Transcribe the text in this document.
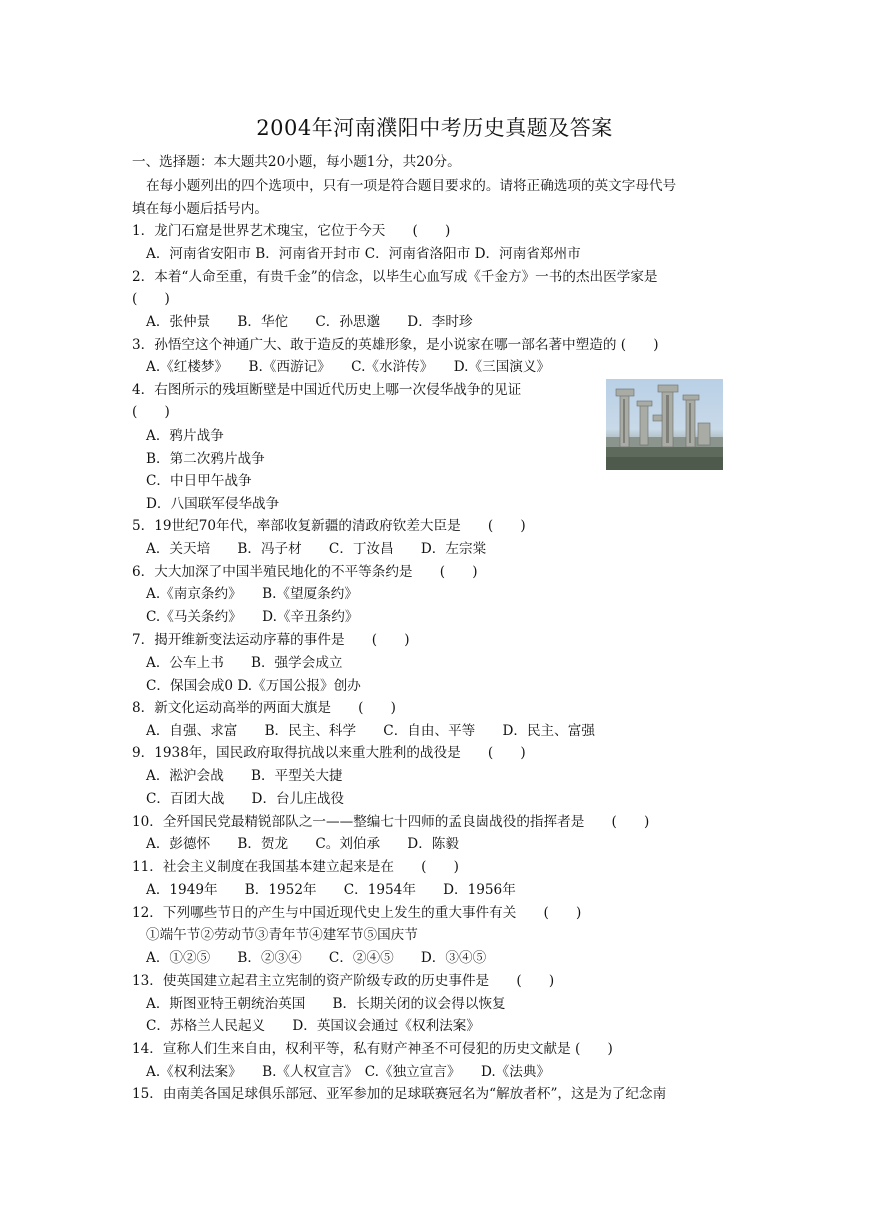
2004年河南濮阳中考历史真题及答案
一、选择题：本大题共20小题，每小题1分，共20分。
在每小题列出的四个选项中，只有一项是符合题目要求的。请将正确选项的英文字母代号
填在每小题后括号内。
1．龙门石窟是世界艺术瑰宝，它位于今天　　(　　)
A．河南省安阳市 B．河南省开封市 C．河南省洛阳市 D．河南省郑州市
2．本着“人命至重，有贵千金”的信念，以毕生心血写成《千金方》一书的杰出医学家是
(　　)
A．张仲景　　B．华佗　　C．孙思邈　　D．李时珍
3．孙悟空这个神通广大、敢于造反的英雄形象，是小说家在哪一部名著中塑造的 (　　)
A.《红楼梦》　　B.《西游记》　　C.《水浒传》　　D.《三国演义》
4．右图所示的残垣断壁是中国近代历史上哪一次侵华战争的见证
(　　)
A．鸦片战争
B．第二次鸦片战争
C．中日甲午战争
D．八国联军侵华战争
5．19世纪70年代，率部收复新疆的清政府钦差大臣是　　(　　)
A．关天培　　B．冯子材　　C．丁汝昌　　D．左宗棠
6．大大加深了中国半殖民地化的不平等条约是　　(　　)
A.《南京条约》　　B.《望厦条约》
C.《马关条约》　　D.《辛丑条约》
7．揭开维新变法运动序幕的事件是　　(　　)
A．公车上书　　B．强学会成立
C．保国会成0 D.《万国公报》创办
8．新文化运动高举的两面大旗是　　(　　)
A．自强、求富　　B．民主、科学　　C．自由、平等　　D．民主、富强
9．1938年，国民政府取得抗战以来重大胜利的战役是　　(　　)
A．淞沪会战　　B．平型关大捷
C．百团大战　　D．台儿庄战役
10．全歼国民党最精锐部队之一——整编七十四师的孟良崮战役的指挥者是　　(　　)
A．彭德怀　　B．贺龙　　C。刘伯承　　D．陈毅
11．社会主义制度在我国基本建立起来是在　　(　　)
A．1949年　　B．1952年　　C．1954年　　D．1956年
12．下列哪些节日的产生与中国近现代史上发生的重大事件有关　　(　　)
①端午节②劳动节③青年节④建军节⑤国庆节
A．①②⑤　　B．②③④　　C．②④⑤　　D．③④⑤
13．使英国建立起君主立宪制的资产阶级专政的历史事件是　　(　　)
A．斯图亚特王朝统治英国　　B．长期关闭的议会得以恢复
C．苏格兰人民起义　　D．英国议会通过《权利法案》
14．宣称人们生来自由，权利平等，私有财产神圣不可侵犯的历史文献是 (　　)
A.《权利法案》　　B.《人权宣言》　C.《独立宣言》　　D.《法典》
15．由南美各国足球俱乐部冠、亚军参加的足球联赛冠名为“解放者杯”，这是为了纪念南
